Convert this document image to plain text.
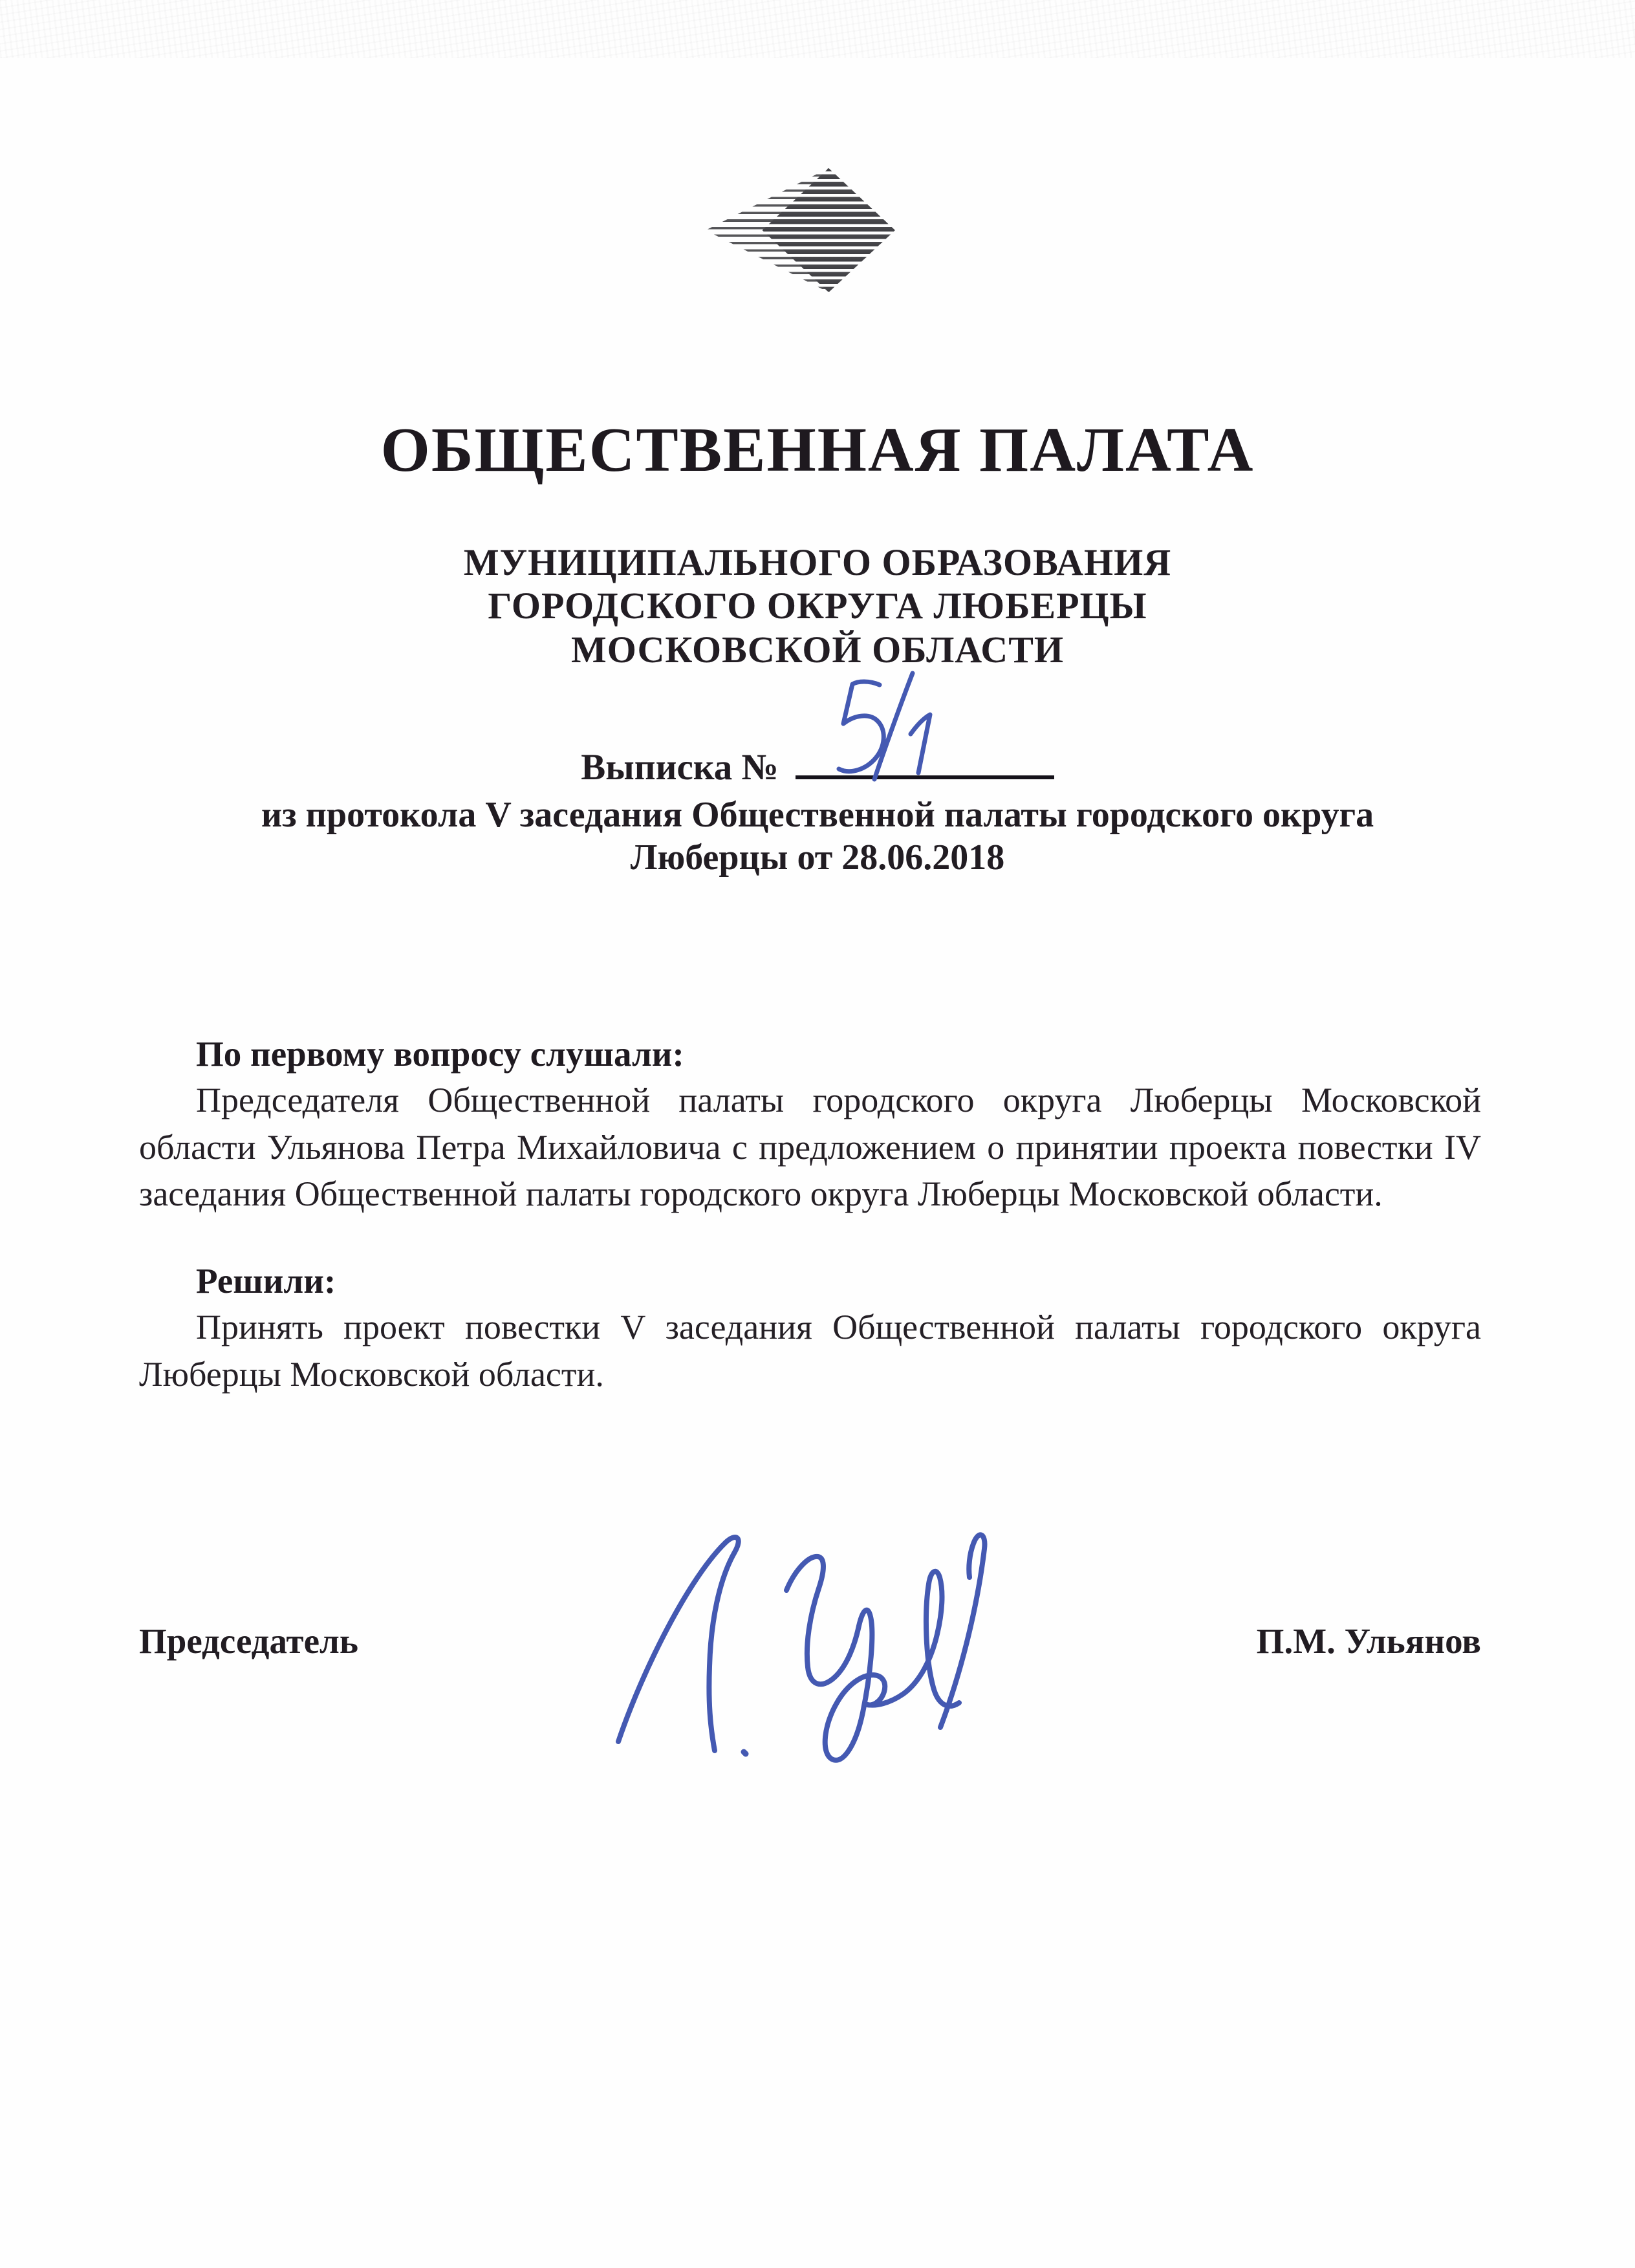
ОБЩЕСТВЕННАЯ ПАЛАТА
МУНИЦИПАЛЬНОГО ОБРАЗОВАНИЯ
ГОРОДСКОГО ОКРУГА ЛЮБЕРЦЫ
МОСКОВСКОЙ ОБЛАСТИ
Выписка №
из протокола V заседания Общественной палаты городского округа
Люберцы от 28.06.2018
По первому вопросу слушали:

Председателя Общественной палаты городского округа Люберцы Московской области Ульянова Петра Михайловича с предложением о принятии проекта повестки IV заседания Общественной палаты городского округа Люберцы Московской области.

Решили:

Принять проект повестки V заседания Общественной палаты городского округа Люберцы Московской области.

Председатель	П.М. Ульянов
